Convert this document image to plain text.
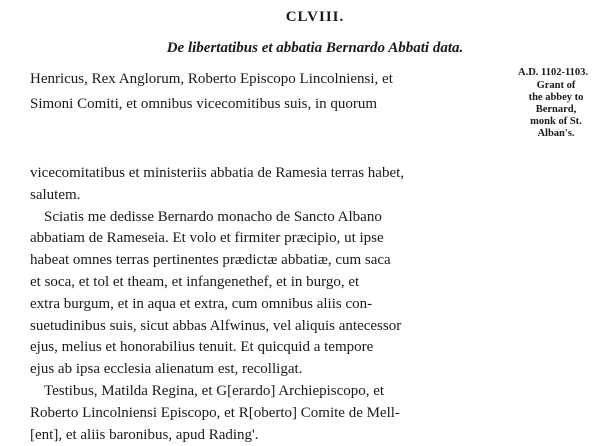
CLVIII.
De libertatibus et abbatia Bernardo Abbati data.
Henricus, Rex Anglorum, Roberto Episcopo Lincolniensi, et
Simoni Comiti, et omnibus vicecomitibus suis, in quorum
A.D. 1102-1103.
Grant of
the abbey to
Bernard,
monk of St.
Alban's.
vicecomitatibus et ministeriis abbatia de Ramesia terras habet,
salutem.
Sciatis me dedisse Bernardo monacho de Sancto Albano
abbatiam de Rameseia. Et volo et firmiter præcipio, ut ipse
habeat omnes terras pertinentes prædictæ abbatiæ, cum saca
et soca, et tol et theam, et infangenethef, et in burgo, et
extra burgum, et in aqua et extra, cum omnibus aliis con-
suetudinibus suis, sicut abbas Alfwinus, vel aliquis antecessor
ejus, melius et honorabilius tenuit. Et quicquid a tempore
ejus ab ipsa ecclesia alienatum est, recolligat.
Testibus, Matilda Regina, et G[erardo] Archiepiscopo, et
Roberto Lincolniensi Episcopo, et R[oberto] Comite de Mell-
[ent], et aliis baronibus, apud Rading'.
